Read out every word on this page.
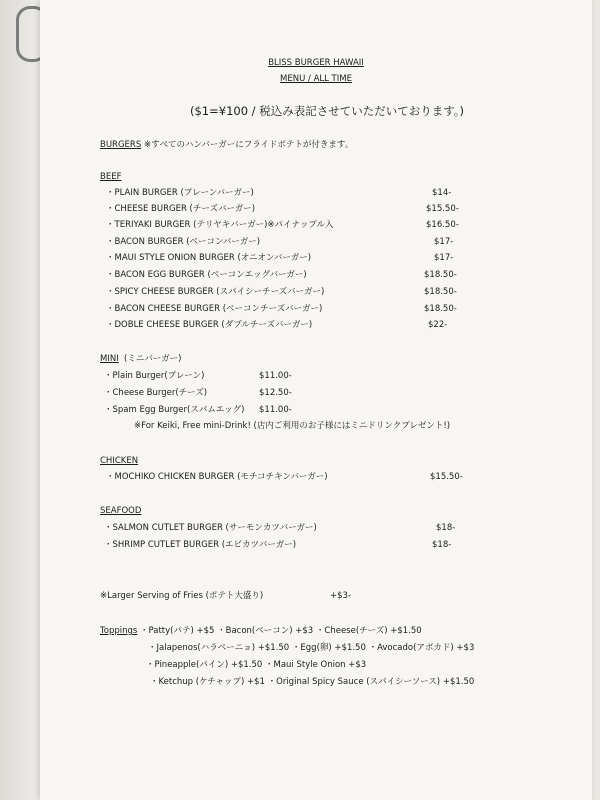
BLISS BURGER HAWAII
MENU / ALL TIME
($1=¥100 / 税込み表記させていただいております。)
BURGERS ※すべてのハンバーガーにフライドポテトが付きます。
BEEF
・PLAIN BURGER (プレーンバーガー)	$14-
・CHEESE BURGER (チーズバーガー)	$15.50-
・TERIYAKI BURGER (テリヤキバーガー)※パイナップル入	$16.50-
・BACON BURGER (ベーコンバーガー)	$17-
・MAUI STYLE ONION BURGER (オニオンバーガー)	$17-
・BACON EGG BURGER (ベーコンエッグバーガー)	$18.50-
・SPICY CHEESE BURGER (スパイシーチーズバーガー)	$18.50-
・BACON CHEESE BURGER (ベーコンチーズバーガー)	$18.50-
・DOBLE CHEESE BURGER (ダブルチーズバーガー)	$22-
MINI (ミニバーガー)
・Plain Burger(プレーン)	$11.00-
・Cheese Burger(チーズ)	$12.50-
・Spam Egg Burger(スパムエッグ) $11.00-
※For Keiki, Free mini-Drink! (店内ご利用のお子様にはミニドリンクプレゼント!)
CHICKEN
・MOCHIKO CHICKEN BURGER (モチコチキンバーガー)	$15.50-
SEAFOOD
・SALMON CUTLET BURGER (サーモンカツバーガー)	$18-
・SHRIMP CUTLET BURGER (エビカツバーガー)	$18-
※Larger Serving of Fries (ポテト大盛り)	+$3-
Toppings ・Patty(パテ) +$5 ・Bacon(ベーコン) +$3 ・Cheese(チーズ) +$1.50
・Jalapenos(ハラペーニョ) +$1.50 ・Egg(卵) +$1.50 ・Avocado(アボカド) +$3
・Pineapple(パイン) +$1.50 ・Maui Style Onion +$3
・Ketchup (ケチャップ) +$1 ・Original Spicy Sauce (スパイシーソース) +$1.50
